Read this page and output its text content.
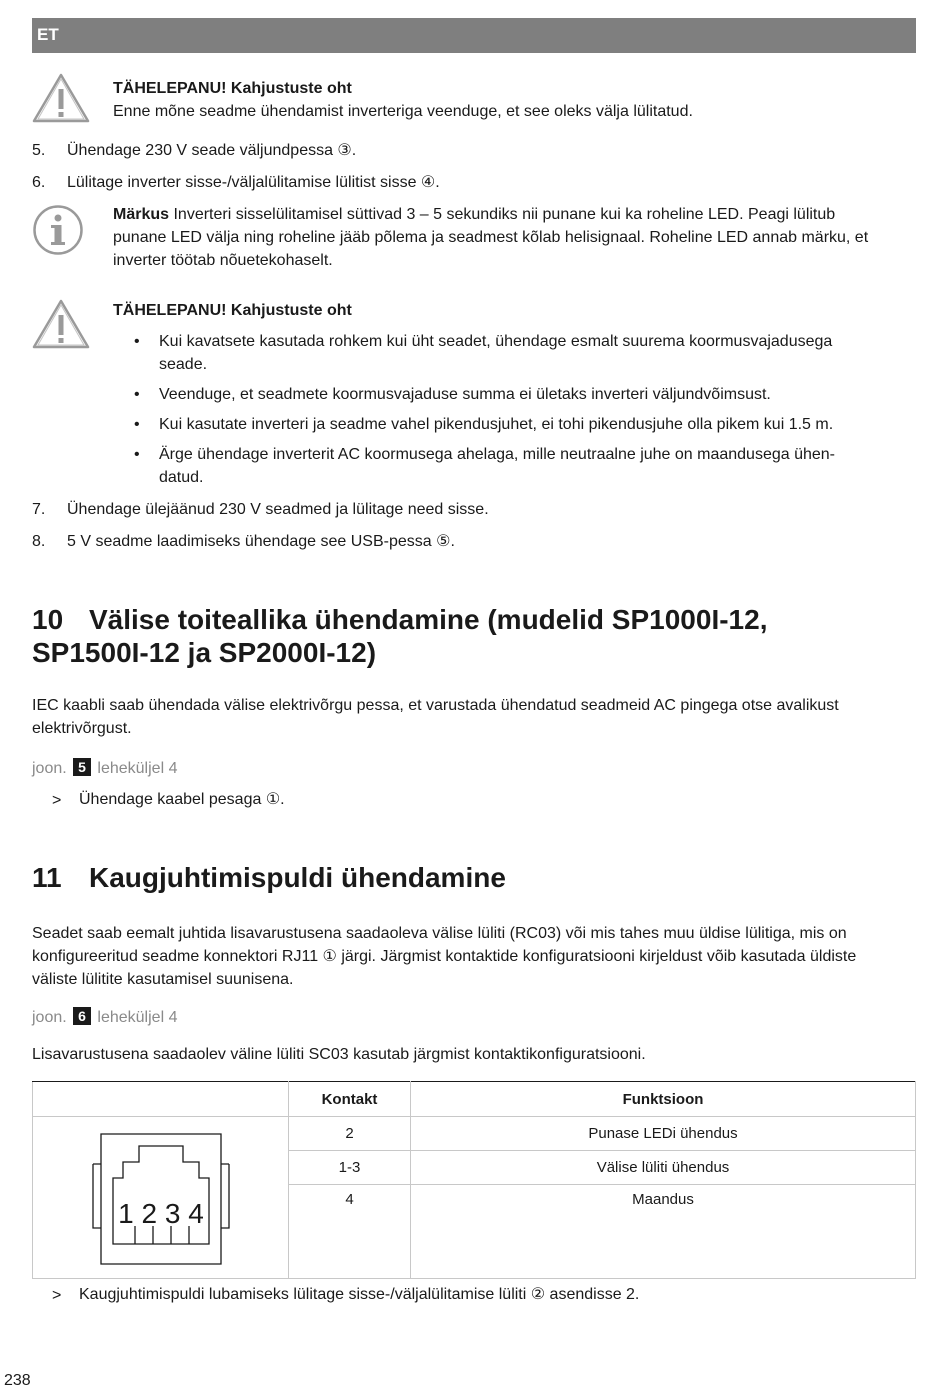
ET
TÄHELEPANU! Kahjustuste oht
Enne mõne seadme ühendamist inverteriga veenduge, et see oleks välja lülitatud.
5. Ühendage 230 V seade väljundpessa ③.
6. Lülitage inverter sisse-/väljalülitamise lülitist sisse ④.
Märkus Inverteri sisselülitamisel süttivad 3 – 5 sekundiks nii punane kui ka roheline LED. Peagi lülitub
punane LED välja ning roheline jääb põlema ja seadmest kõlab helisignaal. Roheline LED annab märku, et
inverter töötab nõuetekohaselt.
TÄHELEPANU! Kahjustuste oht
• Kui kavatsete kasutada rohkem kui üht seadet, ühendage esmalt suurema koormusvajadusega
seade.
• Veenduge, et seadmete koormusvajaduse summa ei ületaks inverteri väljundvõimsust.
• Kui kasutate inverteri ja seadme vahel pikendusjuhet, ei tohi pikendusjuhe olla pikem kui 1.5 m.
• Ärge ühendage inverterit AC koormusega ahelaga, mille neutraalne juhe on maandusega ühen-
datud.
7. Ühendage ülejäänud 230 V seadmed ja lülitage need sisse.
8. 5 V seadme laadimiseks ühendage see USB-pessa ⑤.
10 Välise toiteallika ühendamine (mudelid SP1000I-12,
SP1500I-12 ja SP2000I-12)
IEC kaabli saab ühendada välise elektrivõrgu pessa, et varustada ühendatud seadmeid AC pingega otse avalikust
elektrivõrgust.
joon. 5 leheküljel 4
> Ühendage kaabel pesaga ①.
11 Kaugjuhtimispuldi ühendamine
Seadet saab eemalt juhtida lisavarustusena saadaoleva välise lüliti (RC03) või mis tahes muu üldise lülitiga, mis on
konfigureeritud seadme konnektori RJ11 ① järgi. Järgmist kontaktide konfiguratsiooni kirjeldust võib kasutada üldiste
väliste lülitite kasutamisel suunisena.
joon. 6 leheküljel 4
Lisavarustusena saadaolev väline lüliti SC03 kasutab järgmist kontaktikonfiguratsiooni.
	Kontakt	Funktsioon

1 2 3 4	2	Punase LEDi ühendus
	1-3	Välise lüliti ühendus
	4	Maandus
> Kaugjuhtimispuldi lubamiseks lülitage sisse-/väljalülitamise lüliti ② asendisse 2.
238
